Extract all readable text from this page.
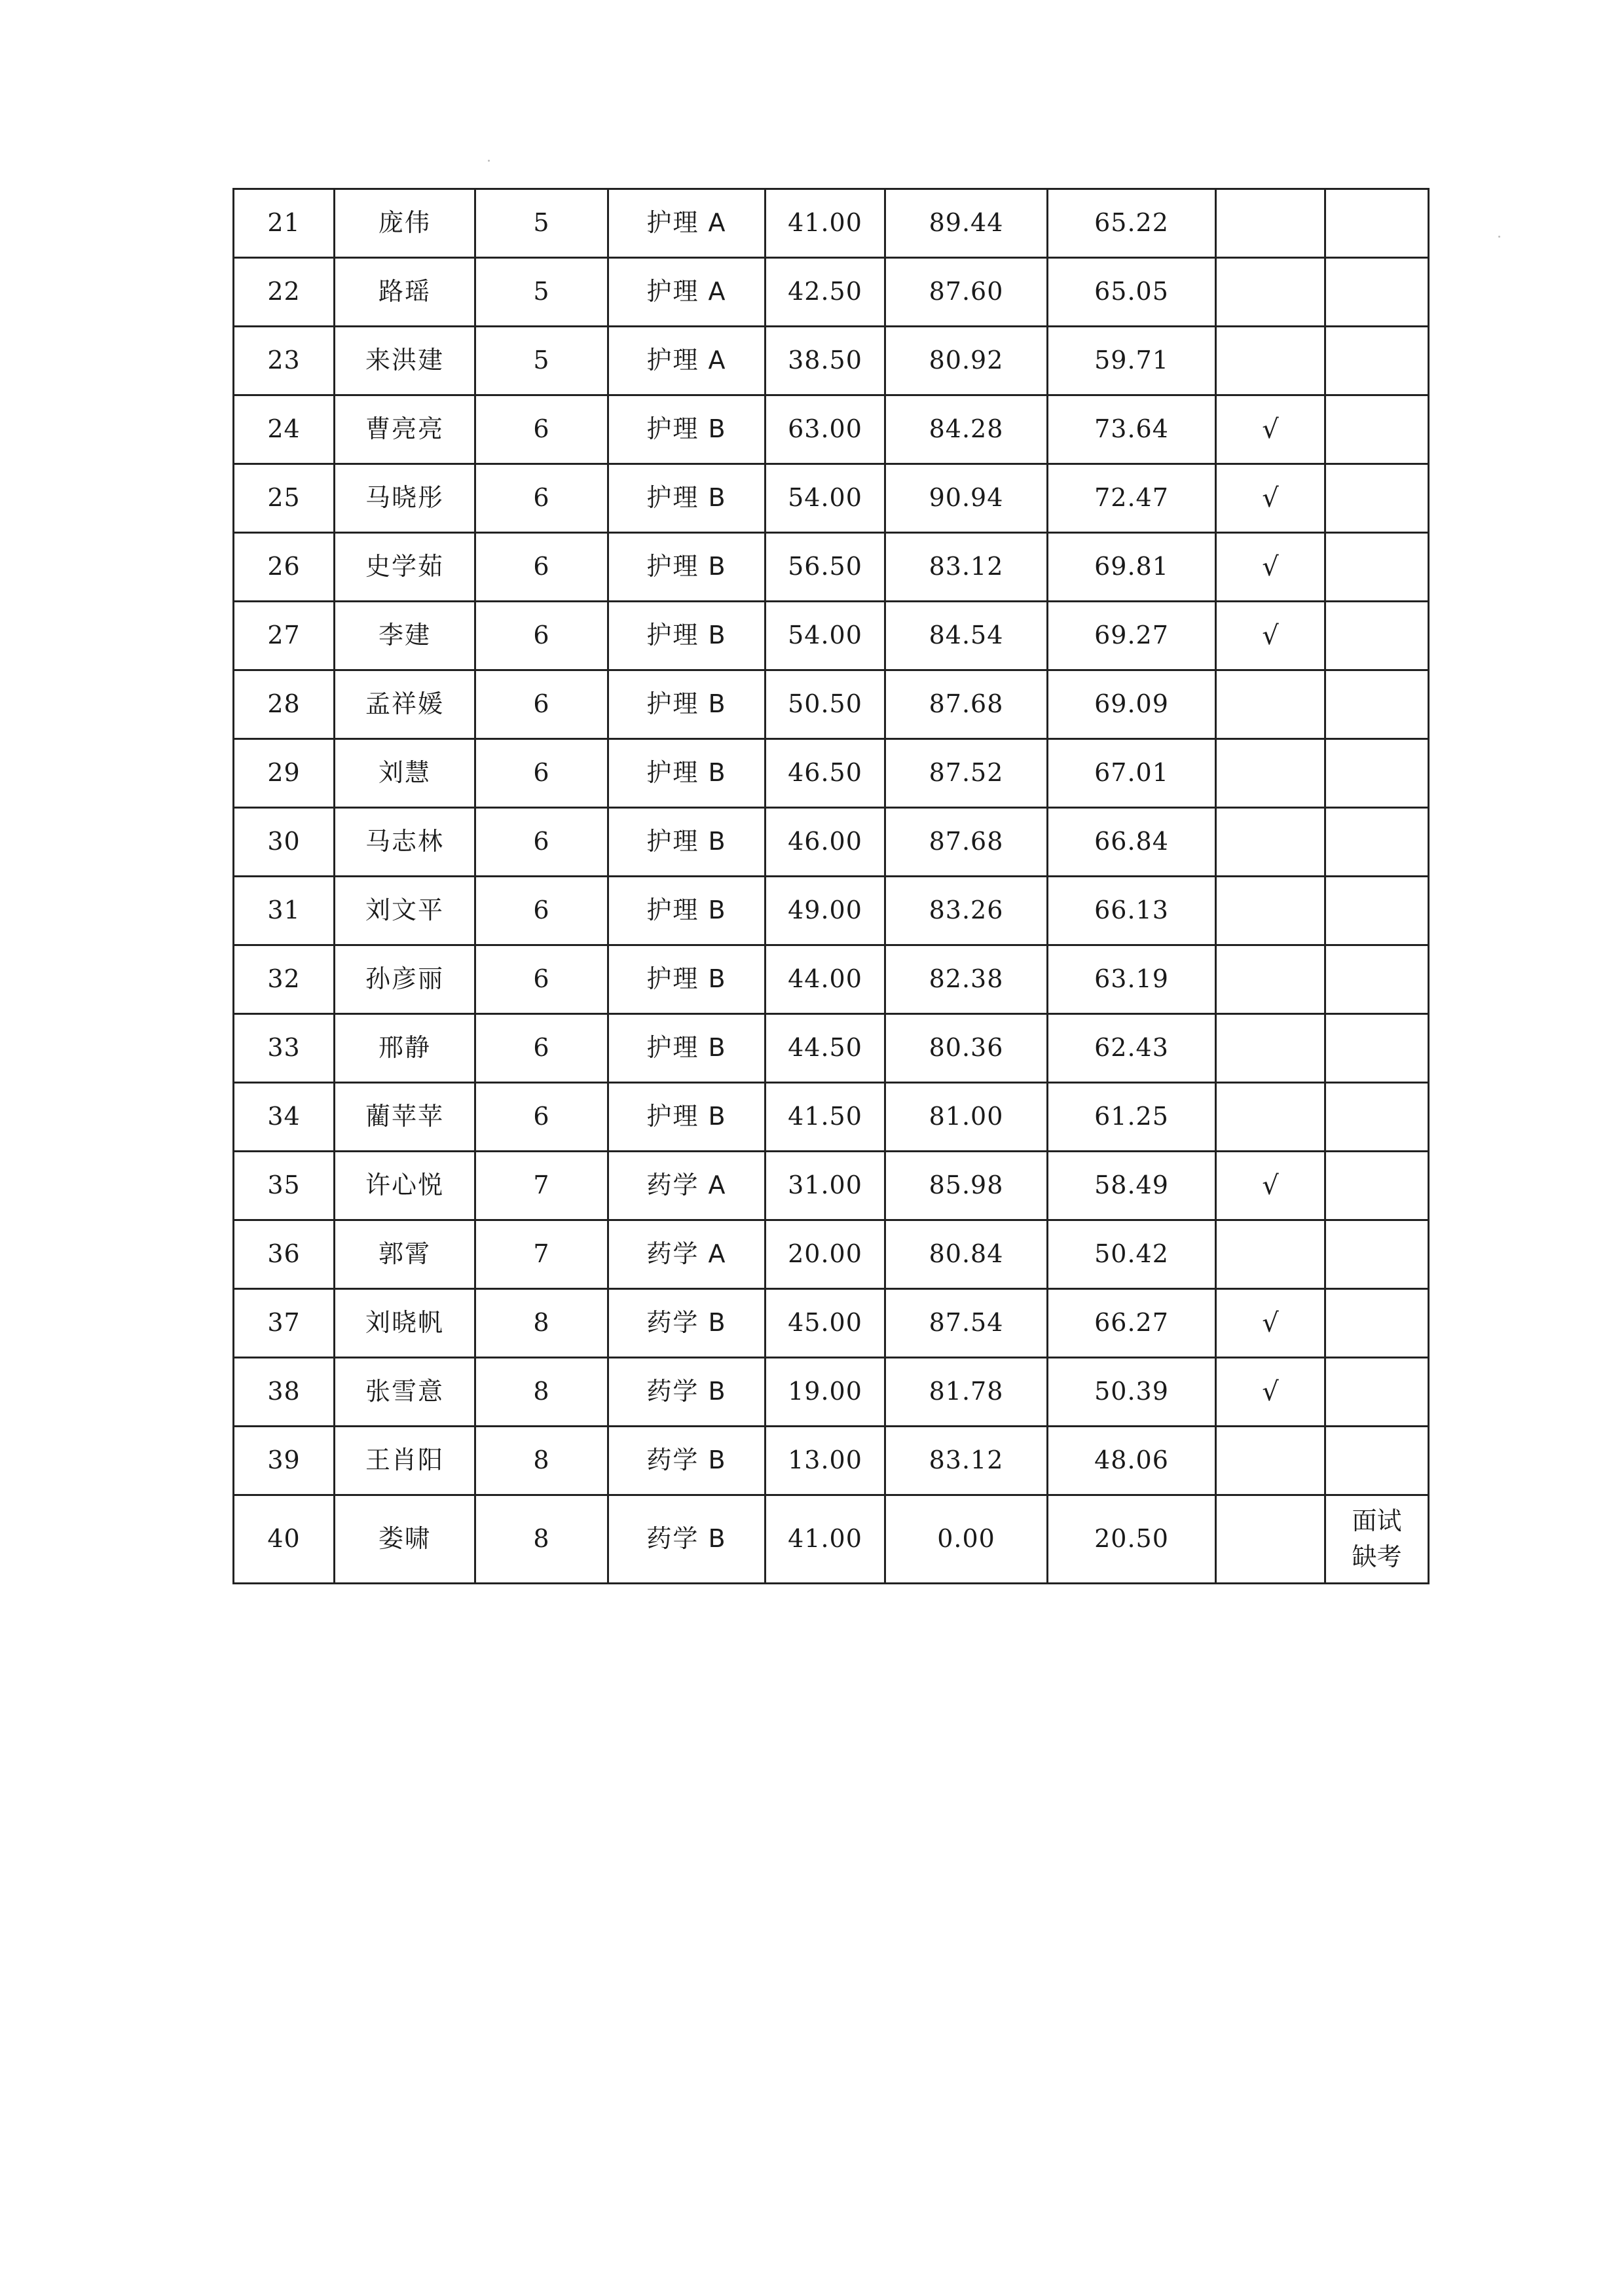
21	庞伟	5	护理 A	41.00	89.44	65.22		
22	路瑶	5	护理 A	42.50	87.60	65.05		
23	来洪建	5	护理 A	38.50	80.92	59.71		
24	曹亮亮	6	护理 B	63.00	84.28	73.64	√	
25	马晓彤	6	护理 B	54.00	90.94	72.47	√	
26	史学茹	6	护理 B	56.50	83.12	69.81	√	
27	李建	6	护理 B	54.00	84.54	69.27	√	
28	孟祥媛	6	护理 B	50.50	87.68	69.09		
29	刘慧	6	护理 B	46.50	87.52	67.01		
30	马志林	6	护理 B	46.00	87.68	66.84		
31	刘文平	6	护理 B	49.00	83.26	66.13		
32	孙彦丽	6	护理 B	44.00	82.38	63.19		
33	邢静	6	护理 B	44.50	80.36	62.43		
34	藺苹苹	6	护理 B	41.50	81.00	61.25		
35	许心悦	7	药学 A	31.00	85.98	58.49	√	
36	郭霄	7	药学 A	20.00	80.84	50.42		
37	刘晓帆	8	药学 B	45.00	87.54	66.27	√	
38	张雪意	8	药学 B	19.00	81.78	50.39	√	
39	王肖阳	8	药学 B	13.00	83.12	48.06		
40	娄啸	8	药学 B	41.00	0.00	20.50		面试
缺考
